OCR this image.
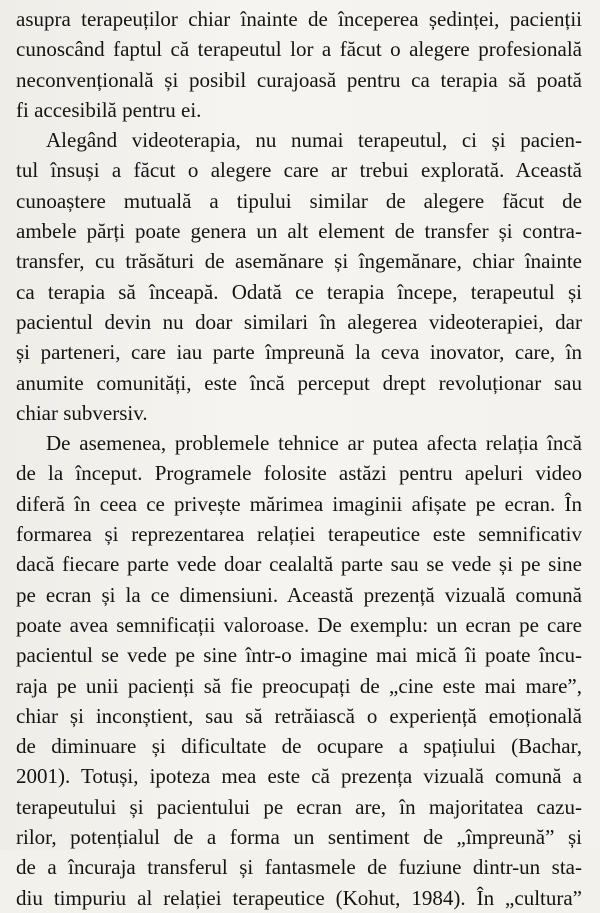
asupra terapeuților chiar înainte de începerea ședinței, pacienții
cunoscând faptul că terapeutul lor a făcut o alegere profesională
neconvențională și posibil curajoasă pentru ca terapia să poată
fi accesibilă pentru ei.
Alegând videoterapia, nu numai terapeutul, ci și pacien-
tul însuși a făcut o alegere care ar trebui explorată. Această
cunoaștere mutuală a tipului similar de alegere făcut de
ambele părți poate genera un alt element de transfer și contra-
transfer, cu trăsături de asemănare și îngemănare, chiar înainte
ca terapia să înceapă. Odată ce terapia începe, terapeutul și
pacientul devin nu doar similari în alegerea videoterapiei, dar
și parteneri, care iau parte împreună la ceva inovator, care, în
anumite comunități, este încă perceput drept revoluționar sau
chiar subversiv.
De asemenea, problemele tehnice ar putea afecta relația încă
de la început. Programele folosite astăzi pentru apeluri video
diferă în ceea ce privește mărimea imaginii afișate pe ecran. În
formarea și reprezentarea relației terapeutice este semnificativ
dacă fiecare parte vede doar cealaltă parte sau se vede și pe sine
pe ecran și la ce dimensiuni. Această prezență vizuală comună
poate avea semnificații valoroase. De exemplu: un ecran pe care
pacientul se vede pe sine într-o imagine mai mică îi poate încu-
raja pe unii pacienți să fie preocupați de „cine este mai mare”,
chiar și inconștient, sau să retrăiască o experiență emoțională
de diminuare și dificultate de ocupare a spațiului (Bachar,
2001). Totuși, ipoteza mea este că prezența vizuală comună a
terapeutului și pacientului pe ecran are, în majoritatea cazu-
rilor, potențialul de a forma un sentiment de „împreună” și
de a încuraja transferul și fantasmele de fuziune dintr-un sta-
diu timpuriu al relației terapeutice (Kohut, 1984). În „cultura”
